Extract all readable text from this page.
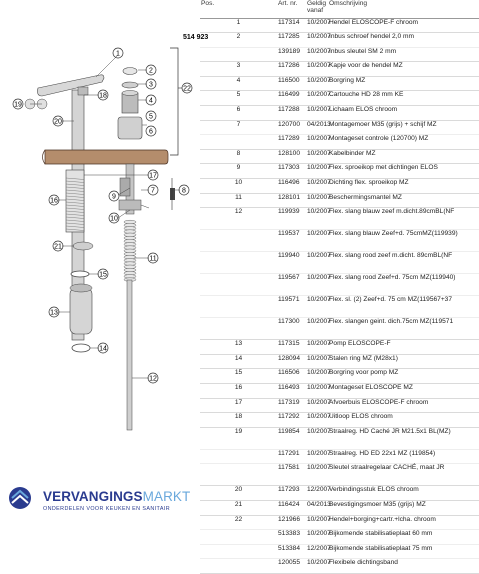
514 923
1
2
3
4
5
6
7	8
9
10
11
12
13
14
15
16
17
18
19
20
21
22
VERVANGINGSMARKT
ONDERDELEN VOOR KEUKEN EN SANITAIR
Pos.	Art. nr.	Geldig vanaf	Omschrijving
1	117314	10/2007	Hendel ELOSCOPE-F chroom
2	117285	10/2007	Inbus schroef hendel 2,0 mm
	139189	10/2007	Inbus sleutel SM 2 mm
3	117286	10/2007	Kapje voor de hendel MZ
4	116500	10/2007	Borgring MZ
5	116499	10/2007	Cartouche HD 28 mm KE
6	117288	10/2007	Lichaam ELOS chroom
7	120700	04/2013	Montagemoer M35 (grijs) + schijf MZ
	117289	10/2007	Montageset controle (120700) MZ
8	128100	10/2007	Kabelbinder MZ
9	117303	10/2007	Flex. sproeikop met dichtingen ELOS
10	116496	10/2007	Dichting flex. sproeikop MZ
11	128101	10/2007	Beschermingsmantel MZ
12	119939	10/2007	Flex. slang blauw zeef m.dicht.89cmBL(NF
	119537	10/2007	Flex. slang blauw Zeef+d. 75cmMZ(119939)
	119940	10/2007	Flex. slang rood zeef m.dicht. 89cmBL(NF
	119567	10/2007	Flex. slang rood Zeef+d. 75cm MZ(119940)
	119571	10/2007	Flex. sl. (2) Zeef+d. 75 cm MZ(119567+37
	117300	10/2007	Flex. slangen geint. dich.75cm MZ(119571
13	117315	10/2007	Pomp ELOSCOPE-F
14	128094	10/2007	Stalen ring MZ (M28x1)
15	116506	10/2007	Borgring voor pomp MZ
16	116493	10/2007	Montageset ELOSCOPE MZ
17	117319	10/2007	Afvoerbuis ELOSCOPE-F chroom
18	117292	10/2007	Uitloop ELOS chroom
19	119854	10/2007	Straalreg. HD Caché JR M21.5x1 BL(MZ)
	117291	10/2007	Straalreg. HD ED 22x1 MZ (119854)
	117581	10/2007	Sleutel straalregelaar CACHÉ, maat JR
20	117293	12/2007	Verbindingsstuk ELOS chroom
21	116424	04/2013	Bevestigingsmoer M35 (grijs) MZ
22	121966	10/2007	Hendel+borging+cartr.+lcha. chroom
	513383	10/2007	Bijkomende stabilisatieplaat 60 mm
	513384	12/2007	Bijkomende stabilisatieplaat 75 mm
	120055	10/2007	Flexibele dichtingsband
